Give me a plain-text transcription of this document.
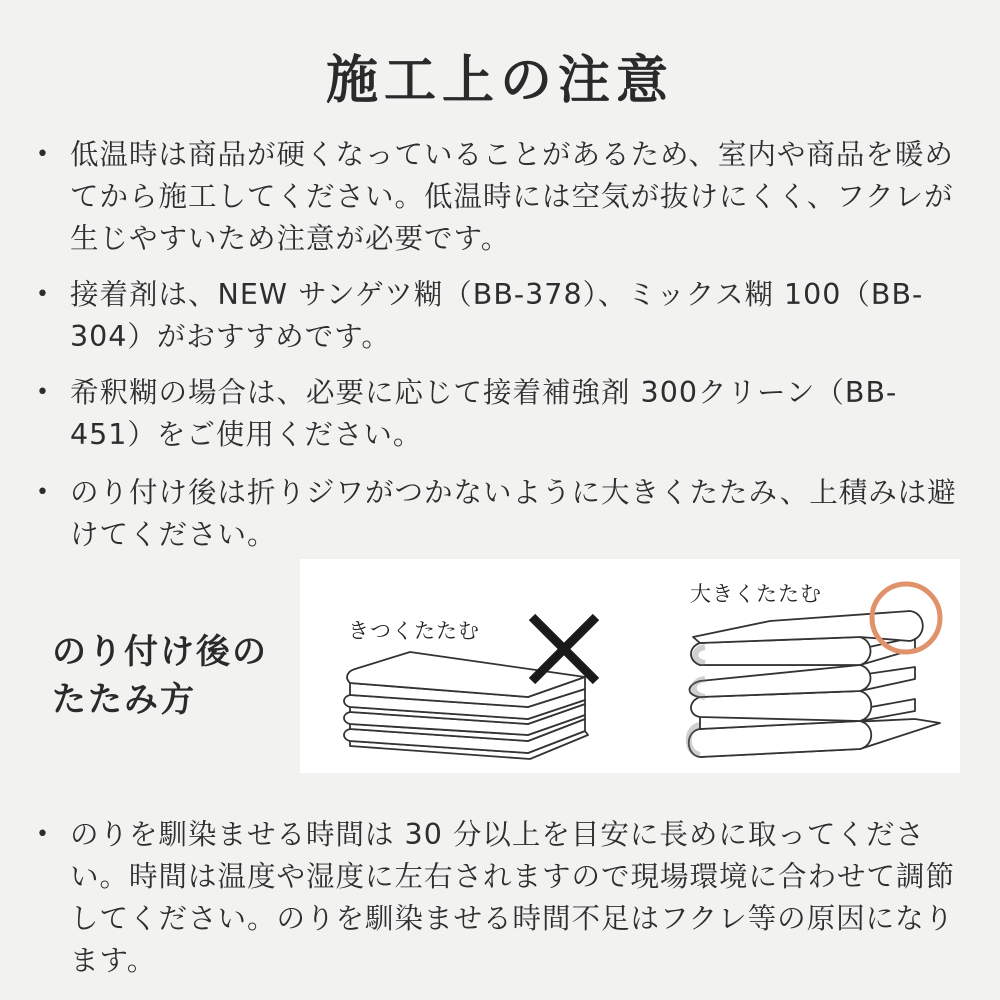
施工上の注意
• 低温時は商品が硬くなっていることがあるため、室内や商品を暖めてから施工してください。低温時には空気が抜けにくく、フクレが生じやすいため注意が必要です。
• 接着剤は、NEW サンゲツ糊（BB-378）、ミックス糊 100（BB-304）がおすすめです。
• 希釈糊の場合は、必要に応じて接着補強剤 300クリーン（BB-451）をご使用ください。
• のり付け後は折りジワがつかないように大きくたたみ、上積みは避けてください。
のり付け後の
たたみ方
きつくたたむ
大きくたたむ
• のりを馴染ませる時間は 30 分以上を目安に長めに取ってください。時間は温度や湿度に左右されますので現場環境に合わせて調節してください。のりを馴染ませる時間不足はフクレ等の原因になります。
